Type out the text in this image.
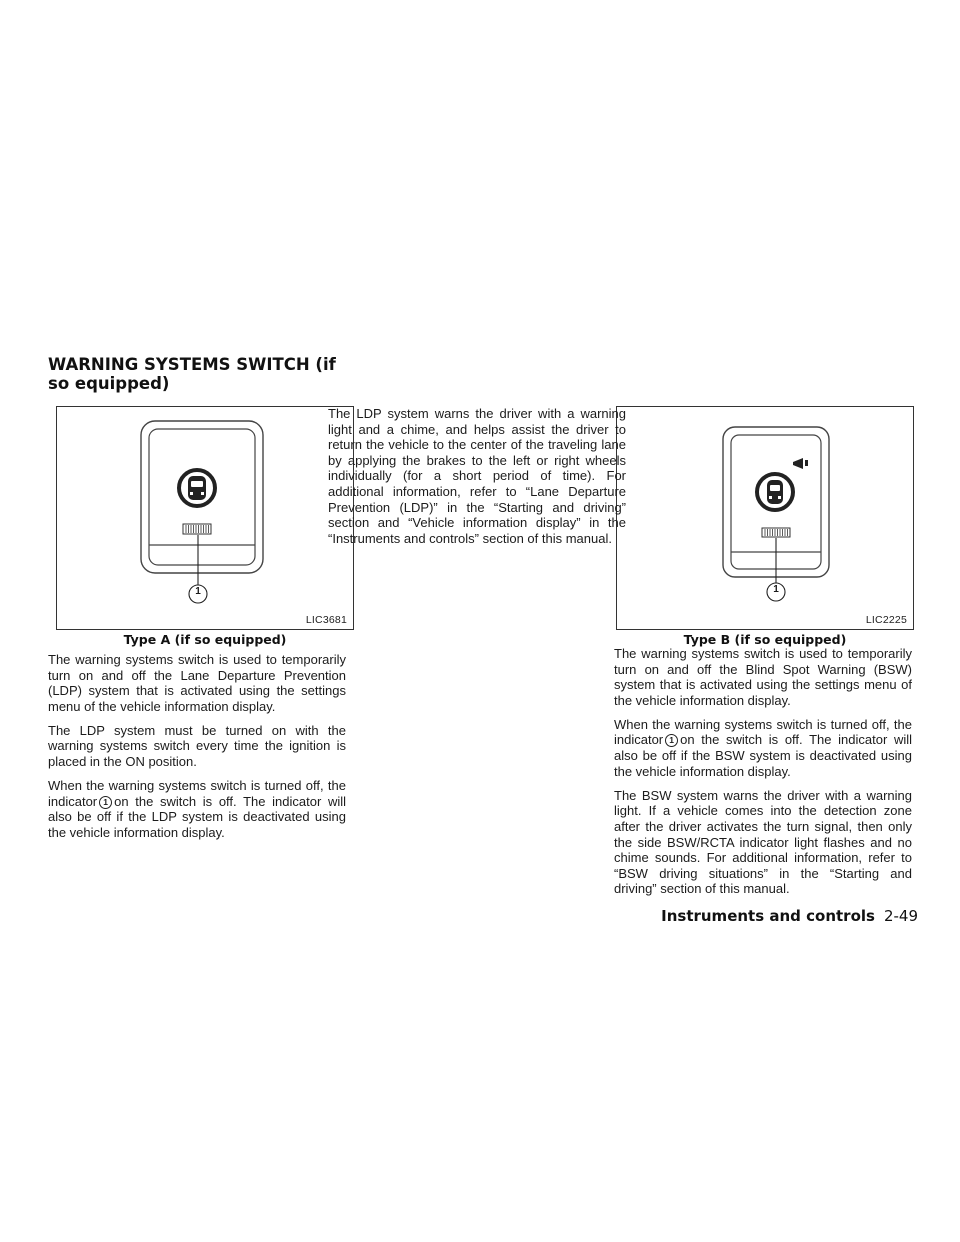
WARNING SYSTEMS SWITCH (if so equipped)
1
LIC3681
Type A (if so equipped)
1
LIC2225
Type B (if so equipped)

The warning systems switch is used to temporarily turn on and off the Lane Departure Prevention (LDP) system that is activated using the settings menu of the vehicle information display.

The LDP system must be turned on with the warning systems switch every time the ignition is placed in the ON position.

When the warning systems switch is turned off, the indicator 1 on the switch is off. The indicator will also be off if the LDP system is deactivated using the vehicle information display.

The LDP system warns the driver with a warning light and a chime, and helps assist the driver to return the vehicle to the center of the traveling lane by applying the brakes to the left or right wheels individually (for a short period of time). For additional information, refer to “Lane Departure Prevention (LDP)” in the “Starting and driving” section and “Vehicle information display” in the “Instruments and controls” section of this manual.

The warning systems switch is used to temporarily turn on and off the Blind Spot Warning (BSW) system that is activated using the settings menu of the vehicle information display.

When the warning systems switch is turned off, the indicator 1 on the switch is off. The indicator will also be off if the BSW system is deactivated using the vehicle information display.

The BSW system warns the driver with a warning light. If a vehicle comes into the detection zone after the driver activates the turn signal, then only the side BSW/RCTA indicator light flashes and no chime sounds. For additional information, refer to “BSW driving situations” in the “Starting and driving” section of this manual.

Instruments and controls 2-49
